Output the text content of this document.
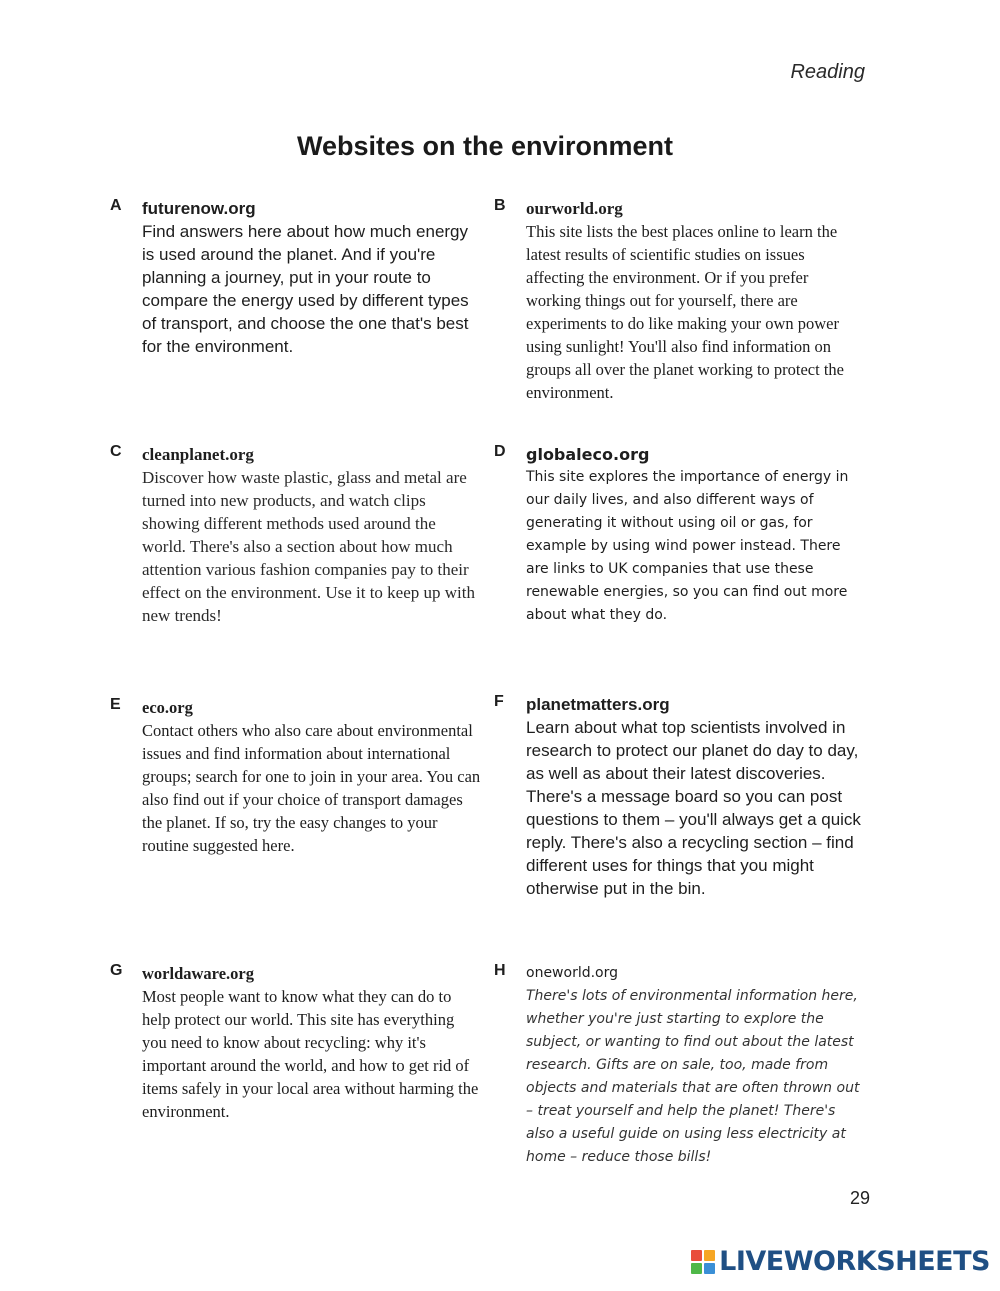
Reading
Websites on the environment
A futurenow.org
Find answers here about how much energy is used around the planet. And if you're planning a journey, put in your route to compare the energy used by different types of transport, and choose the one that's best for the environment.
B ourworld.org
This site lists the best places online to learn the latest results of scientific studies on issues affecting the environment. Or if you prefer working things out for yourself, there are experiments to do like making your own power using sunlight! You'll also find information on groups all over the planet working to protect the environment.
C cleanplanet.org
Discover how waste plastic, glass and metal are turned into new products, and watch clips showing different methods used around the world. There's also a section about how much attention various fashion companies pay to their effect on the environment. Use it to keep up with new trends!
D globaleco.org
This site explores the importance of energy in our daily lives, and also different ways of generating it without using oil or gas, for example by using wind power instead. There are links to UK companies that use these renewable energies, so you can find out more about what they do.
E eco.org
Contact others who also care about environmental issues and find information about international groups; search for one to join in your area. You can also find out if your choice of transport damages the planet. If so, try the easy changes to your routine suggested here.
F planetmatters.org
Learn about what top scientists involved in research to protect our planet do day to day, as well as about their latest discoveries. There's a message board so you can post questions to them – you'll always get a quick reply. There's also a recycling section – find different uses for things that you might otherwise put in the bin.
G worldaware.org
Most people want to know what they can do to help protect our world. This site has everything you need to know about recycling: why it's important around the world, and how to get rid of items safely in your local area without harming the environment.
H oneworld.org
There's lots of environmental information here, whether you're just starting to explore the subject, or wanting to find out about the latest research. Gifts are on sale, too, made from objects and materials that are often thrown out – treat yourself and help the planet! There's also a useful guide on using less electricity at home – reduce those bills!
29
LIVEWORKSHEETS
